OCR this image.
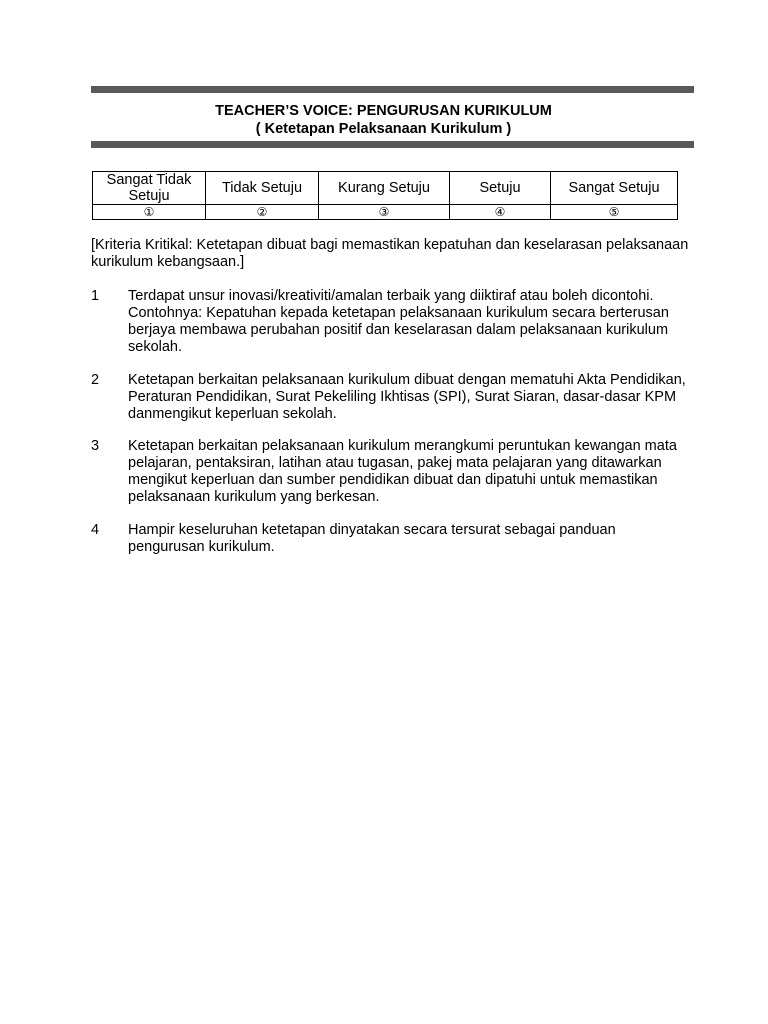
TEACHER’S VOICE: PENGURUSAN KURIKULUM
( Ketetapan Pelaksanaan Kurikulum )
Sangat Tidak Setuju	Tidak Setuju	Kurang Setuju	Setuju	Sangat Setuju
①	②	③	④	⑤
[Kriteria Kritikal: Ketetapan dibuat bagi memastikan kepatuhan dan keselarasan pelaksanaan kurikulum kebangsaan.]
1	Terdapat unsur inovasi/kreativiti/amalan terbaik yang diiktiraf atau boleh dicontohi. Contohnya: Kepatuhan kepada ketetapan pelaksanaan kurikulum secara berterusan berjaya membawa perubahan positif dan keselarasan dalam pelaksanaan kurikulum sekolah.
2	Ketetapan berkaitan pelaksanaan kurikulum dibuat dengan mematuhi Akta Pendidikan, Peraturan Pendidikan, Surat Pekeliling Ikhtisas (SPI), Surat Siaran, dasar-dasar KPM danmengikut keperluan sekolah.
3	Ketetapan berkaitan pelaksanaan kurikulum merangkumi peruntukan kewangan mata pelajaran, pentaksiran, latihan atau tugasan, pakej mata pelajaran yang ditawarkan mengikut keperluan dan sumber pendidikan dibuat dan dipatuhi untuk memastikan pelaksanaan kurikulum yang berkesan.
4	Hampir keseluruhan ketetapan dinyatakan secara tersurat sebagai panduan pengurusan kurikulum.
